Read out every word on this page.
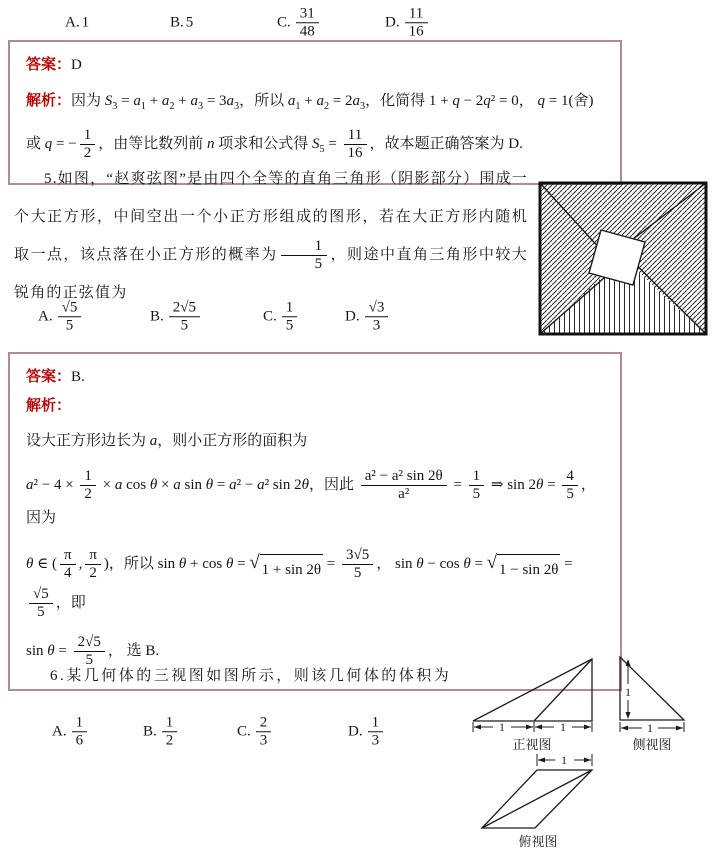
A. 1	B. 5	C. $\frac{31}{48}$	D. $\frac{11}{16}$
答案：D
解析：因为 $S_3 = a_1 + a_2 + a_3 = 3a_3$，所以 $a_1 + a_2 = 2a_3$，化简得 1 + q − 2q² = 0， q = 1(舍)
或 q = − $\frac{1}{2}$ ，由等比数列前 n 项求和公式得 $S_5 = \frac{11}{16}$ ，故本题正确答案为 D.
5.如图，“赵爽弦图”是由四个全等的直角三角形（阴影部分）围成一个大正方形，中间空出一个小正方形组成的图形，若在大正方形内随机取一点，该点落在小正方形的概率为 $\frac{1}{5}$ ，则途中直角三角形中较大锐角的正弦值为
A. $\frac{√5}{5}$	B. $\frac{2√5}{5}$	C. $\frac{1}{5}$	D. $\frac{√3}{3}$
答案：B.
解析：
设大正方形边长为 a，则小正方形的面积为
$a^2 - 4 \times \frac{1}{2} \times a$ cos θ × a sin θ = a² − a² sin 2θ，因此 $\frac{\text{a² − a² sin 2θ}}{\text{a²}} = \frac{1}{5}$ ⇒ $\sin 2\theta = \frac{4}{5}$ ，因为
θ ∈ ( $\frac{\pi}{4}$ , $\frac{\pi}{2}$ )，所以 sin θ + cos θ = √ $1 + \sin 2\theta = \frac{3√5}{5}$ ， sin θ − cos θ = √ 1 − sin 2θ =
$\frac{√5}{5}$ ，即
$\sin \theta = \frac{2√5}{5}$ ， 选 B.
6.某几何体的三视图如图所示，则该几何体的体积为
A. $\frac{1}{6}$	B. $\frac{1}{2}$	C. $\frac{2}{3}$	D. $\frac{1}{3}$	1	1
正视图
1
1
侧视图
1
俯视图
